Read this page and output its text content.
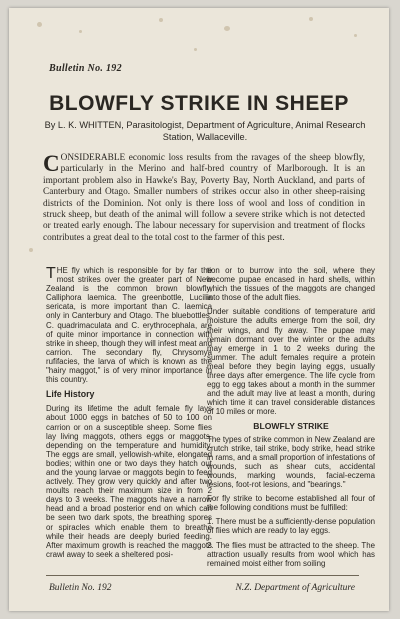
Bulletin No. 192
BLOWFLY STRIKE IN SHEEP
By L. K. WHITTEN, Parasitologist, Department of Agriculture, Animal Research Station, Wallaceville.
CONSIDERABLE economic loss results from the ravages of the sheep blowfly, particularly in the Merino and half-bred country of Marlborough. It is an important problem also in Hawke's Bay, Poverty Bay, North Auckland, and parts of Canterbury and Otago. Smaller numbers of strikes occur also in other sheep-raising districts of the Dominion. Not only is there loss of wool and loss of condition in struck sheep, but death of the animal will follow a severe strike which is not detected or treated early enough. The labour necessary for supervision and treatment of flocks contributes a great deal to the total cost to the farmer of this pest.

THE fly which is responsible for by far the most strikes over the greater part of New Zealand is the common brown blowfly, Calliphora laemica. The greenbottle, Lucilia sericata, is more important than C. laemica only in Canterbury and Otago. The bluebottles, C. quadrimaculata and C. erythrocephala, are of quite minor importance in connection with strike in sheep, though they will infest meat and carrion. The secondary fly, Chrysomya rufifacies, the larva of which is known as the "hairy maggot," is of very minor importance in this country.

Life History

During its lifetime the adult female fly lays about 1000 eggs in batches of 50 to 100 on carrion or on a susceptible sheep. Some flies lay living maggots, others eggs or maggots, depending on the temperature and humidity. The eggs are small, yellowish-white, elongated bodies; within one or two days they hatch out and the young larvae or maggots begin to feed actively. They grow very quickly and after two moults reach their maximum size in from 2 days to 3 weeks. The maggots have a narrow head and a broad posterior end on which can be seen two dark spots, the breathing spores or spiracles which enable them to breathe while their heads are deeply buried feeding. After maximum growth is reached the maggots crawl away to seek a sheltered posi-

tion or to burrow into the soil, where they become pupae encased in hard shells, within which the tissues of the maggots are changed into those of the adult flies.

Under suitable conditions of temperature and moisture the adults emerge from the soil, dry their wings, and fly away. The pupae may remain dormant over the winter or the adults may emerge in 1 to 2 weeks during the summer. The adult females require a protein meal before they begin laying eggs, usually three days after emergence. The life cycle from egg to egg takes about a month in the summer and the adult may live at least a month, during which time it can travel considerable distances of 10 miles or more.

BLOWFLY STRIKE

The types of strike common in New Zealand are crutch strike, tail strike, body strike, head strike in rams, and a small proportion of infestations of wounds, such as shear cuts, accidental wounds, marking wounds, facial-eczema lesions, foot-rot lesions, and "bearings."

For fly strike to become established all four of the following conditions must be fulfilled:

1. There must be a sufficiently-dense population of flies which are ready to lay eggs.

2. The flies must be attracted to the sheep. The attraction usually results from wool which has remained moist either from soiling

Bulletin No. 192	N.Z. Department of Agriculture
